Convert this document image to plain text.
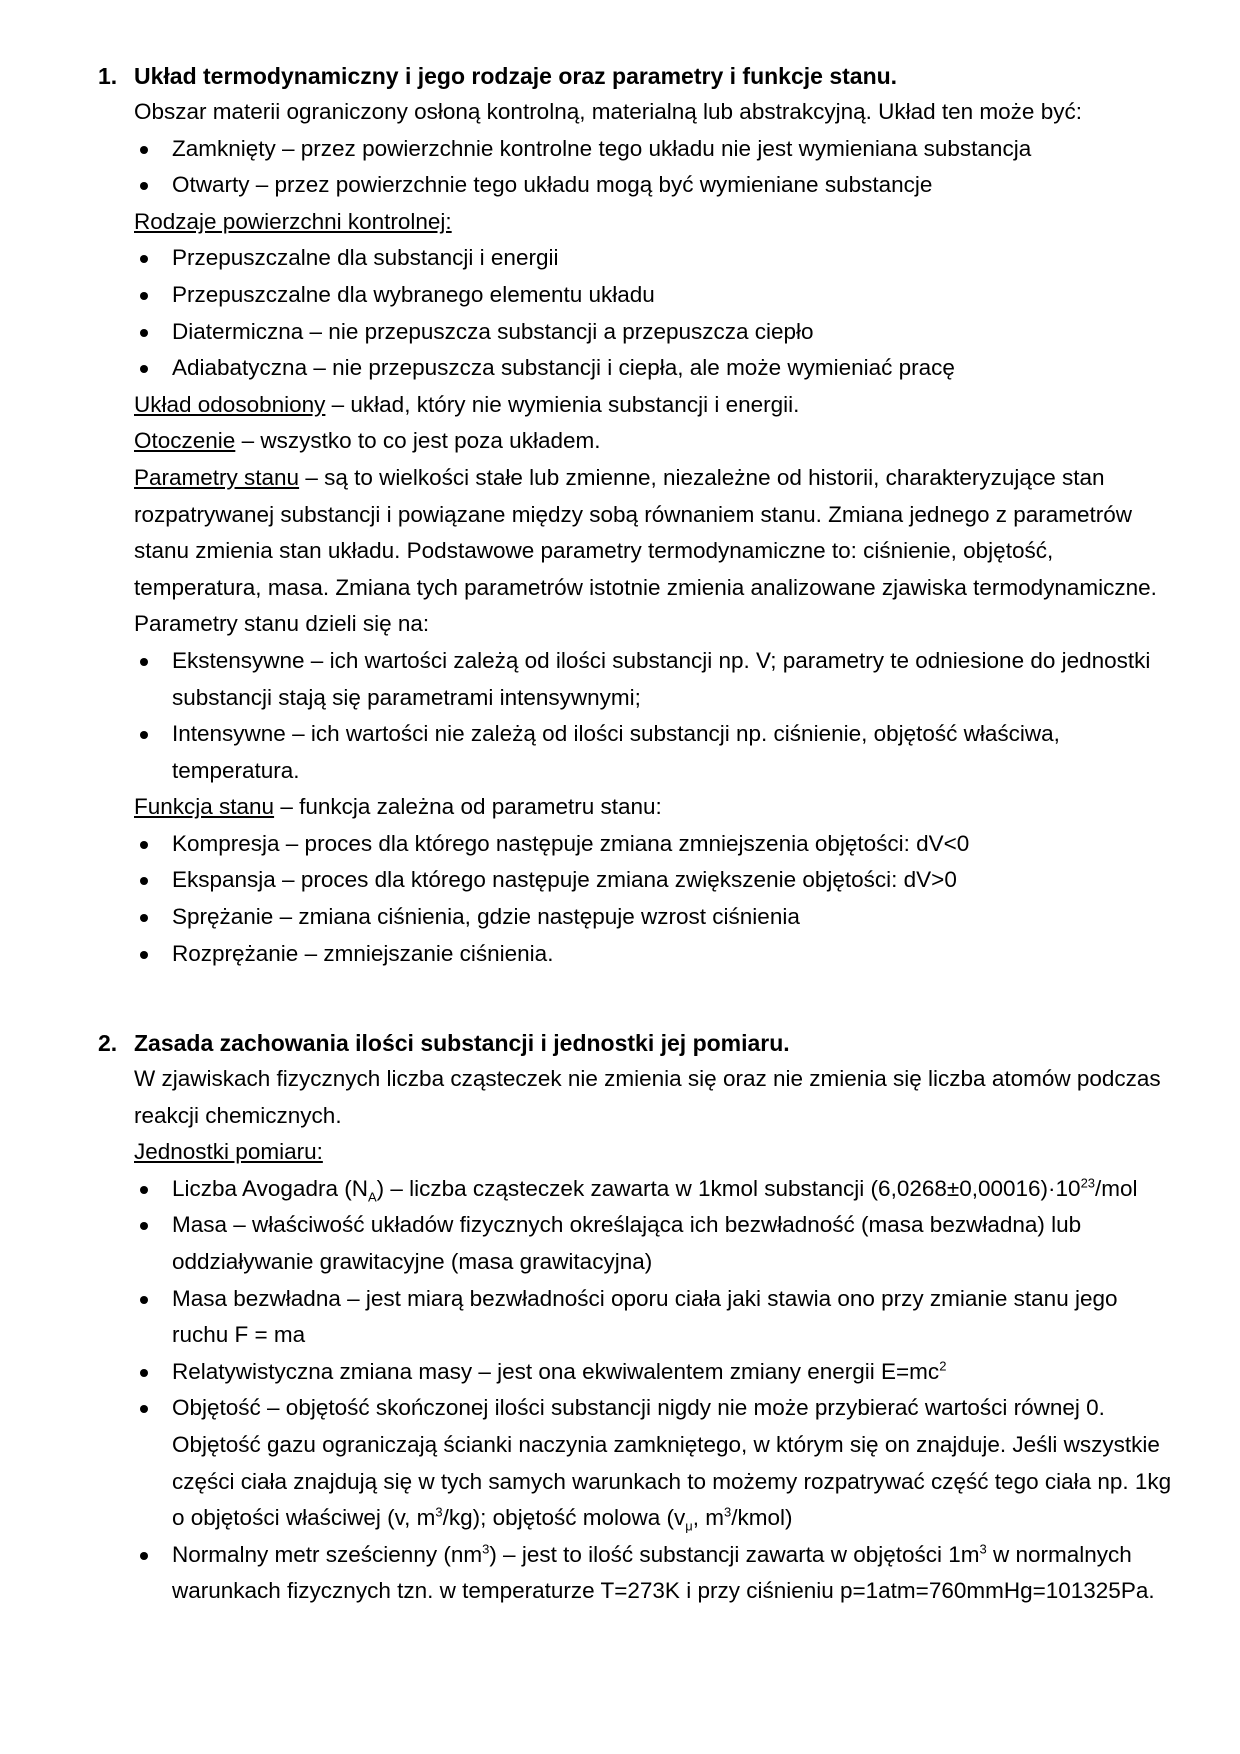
1. Układ termodynamiczny i jego rodzaje oraz parametry i funkcje stanu.
Obszar materii ograniczony osłoną kontrolną, materialną lub abstrakcyjną. Układ ten może być:
Zamknięty – przez powierzchnie kontrolne tego układu nie jest wymieniana substancja
Otwarty – przez powierzchnie tego układu mogą być wymieniane substancje
Rodzaje powierzchni kontrolnej:
Przepuszczalne dla substancji i energii
Przepuszczalne dla wybranego elementu układu
Diatermiczna – nie przepuszcza substancji a przepuszcza ciepło
Adiabatyczna – nie przepuszcza substancji i ciepła, ale może wymieniać pracę

Układ odosobniony – układ, który nie wymienia substancji i energii.

Otoczenie – wszystko to co jest poza układem.

Parametry stanu – są to wielkości stałe lub zmienne, niezależne od historii, charakteryzujące stan rozpatrywanej substancji i powiązane między sobą równaniem stanu. Zmiana jednego z parametrów stanu zmienia stan układu. Podstawowe parametry termodynamiczne to: ciśnienie, objętość, temperatura, masa. Zmiana tych parametrów istotnie zmienia analizowane zjawiska termodynamiczne. Parametry stanu dzieli się na:

Ekstensywne – ich wartości zależą od ilości substancji np. V; parametry te odniesione do jednostki substancji stają się parametrami intensywnymi;
Intensywne – ich wartości nie zależą od ilości substancji np. ciśnienie, objętość właściwa, temperatura.

Funkcja stanu – funkcja zależna od parametru stanu:

Kompresja – proces dla którego następuje zmiana zmniejszenia objętości: dV<0
Ekspansja – proces dla którego następuje zmiana zwiększenie objętości: dV>0
Sprężanie – zmiana ciśnienia, gdzie następuje wzrost ciśnienia
Rozprężanie – zmniejszanie ciśnienia.
2. Zasada zachowania ilości substancji i jednostki jej pomiaru.
W zjawiskach fizycznych liczba cząsteczek nie zmienia się oraz nie zmienia się liczba atomów podczas reakcji chemicznych.
Jednostki pomiaru:
Liczba Avogadra $(N_A)$ – liczba cząsteczek zawarta w 1kmol substancji $(6,0268\pm 0,00016)\cdot 10^{23}$/mol
Masa – właściwość układów fizycznych określająca ich bezwładność (masa bezwładna) lub oddziaływanie grawitacyjne (masa grawitacyjna)
Masa bezwładna – jest miarą bezwładności oporu ciała jaki stawia ono przy zmianie stanu jego ruchu F = ma
Relatywistyczna zmiana masy – jest ona ekwiwalentem zmiany energii $E=mc^2$
Objętość – objętość skończonej ilości substancji nigdy nie może przybierać wartości równej 0. Objętość gazu ograniczają ścianki naczynia zamkniętego, w którym się on znajduje. Jeśli wszystkie części ciała znajdują się w tych samych warunkach to możemy rozpatrywać część tego ciała np. 1kg o objętości właściwej (v, $m^3/kg$); objętość molowa ($v_\mu$, $m^3/kmol$)
Normalny metr sześcienny $(nm^3)$ – jest to ilość substancji zawarta w objętości $1m^3$ w normalnych warunkach fizycznych tzn. w temperaturze T=273K i przy ciśnieniu p=1atm=760mmHg=101325Pa.
